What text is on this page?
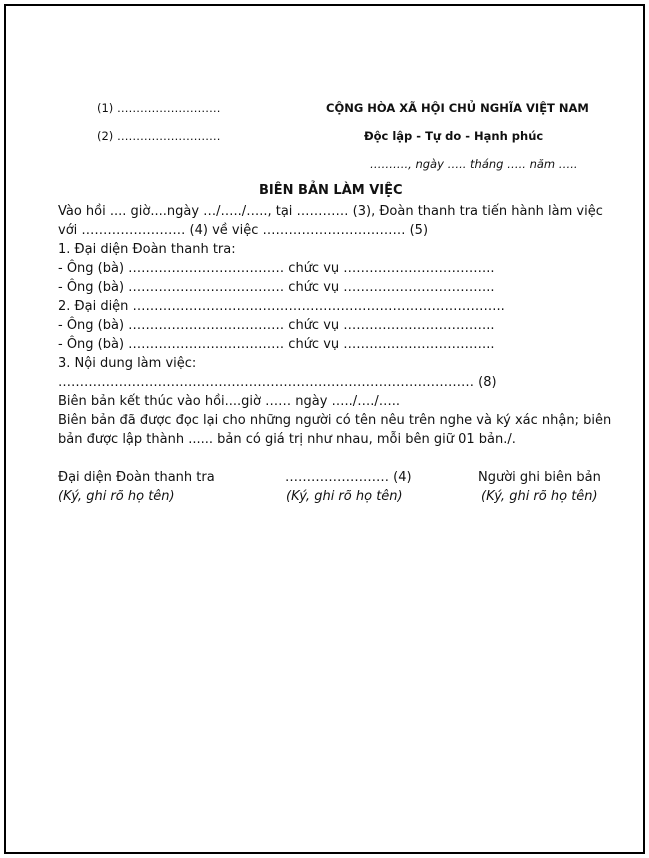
(1) ………………………
(2) ………………………
CỘNG HÒA XÃ HỘI CHỦ NGHĨA VIỆT NAM
Độc lập - Tự do - Hạnh phúc
………., ngày ….. tháng ….. năm …..
BIÊN BẢN LÀM VIỆC
Vào hồi .... giờ....ngày …/…../….., tại ………… (3), Đoàn thanh tra tiến hành làm việc
với …………………… (4) về việc …………………………… (5)
1. Đại diện Đoàn thanh tra:
- Ông (bà) ……………………………… chức vụ ……………………………..
- Ông (bà) ……………………………… chức vụ ……………………………..
2. Đại diện …………………………………………………………………………..
- Ông (bà) ……………………………… chức vụ ……………………………..
- Ông (bà) ……………………………… chức vụ ……………………………..
3. Nội dung làm việc:
…………………………………………………………………………………… (8)
Biên bản kết thúc vào hồi....giờ …… ngày …../…./…..
Biên bản đã được đọc lại cho những người có tên nêu trên nghe và ký xác nhận; biên
bản được lập thành ...... bản có giá trị như nhau, mỗi bên giữ 01 bản./.
Đại diện Đoàn thanh tra
(Ký, ghi rõ họ tên)
…………………… (4)
(Ký, ghi rõ họ tên)
Người ghi biên bản
(Ký, ghi rõ họ tên)
